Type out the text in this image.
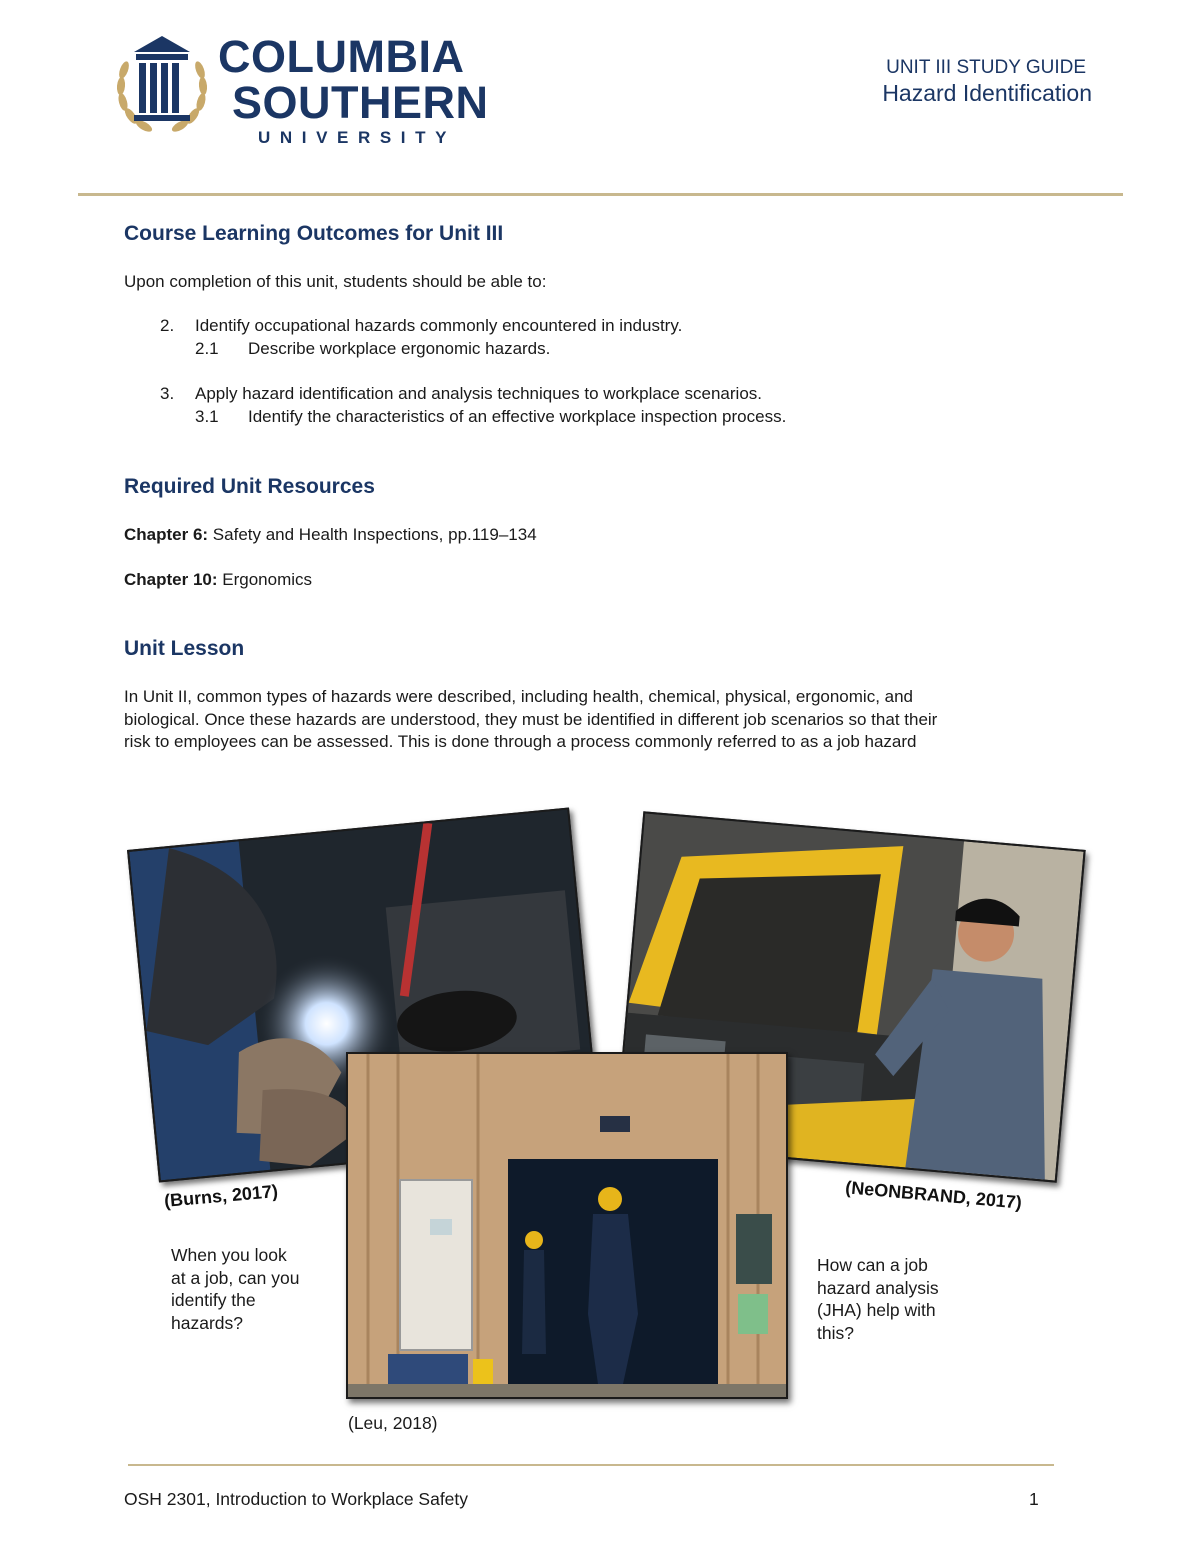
COLUMBIA
SOUTHERN
UNIVERSITY
UNIT III STUDY GUIDE
Hazard Identification
Course Learning Outcomes for Unit III
Upon completion of this unit, students should be able to:
2. Identify occupational hazards commonly encountered in industry.
2.1 Describe workplace ergonomic hazards.
3. Apply hazard identification and analysis techniques to workplace scenarios.
3.1 Identify the characteristics of an effective workplace inspection process.
Required Unit Resources
Chapter 6: Safety and Health Inspections, pp.119–134
Chapter 10: Ergonomics
Unit Lesson
In Unit II, common types of hazards were described, including health, chemical, physical, ergonomic, and
biological. Once these hazards are understood, they must be identified in different job scenarios so that their
risk to employees can be assessed. This is done through a process commonly referred to as a job hazard
(Burns, 2017)	(NeONBRAND, 2017)
(Leu, 2018)
When you look
at a job, can you
identify the
hazards?
How can a job
hazard analysis
(JHA) help with
this?
OSH 2301, Introduction to Workplace Safety	1
